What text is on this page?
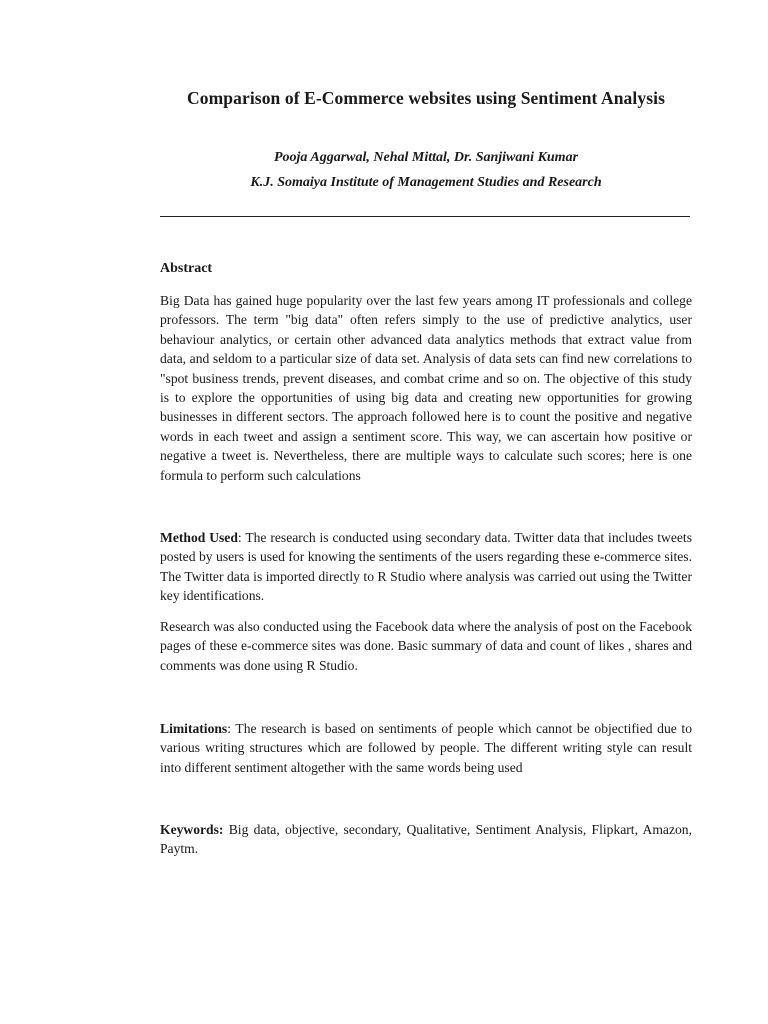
Comparison of E-Commerce websites using Sentiment Analysis
Pooja Aggarwal, Nehal Mittal, Dr. Sanjiwani Kumar
K.J. Somaiya Institute of Management Studies and Research
Abstract
Big Data has gained huge popularity over the last few years among IT professionals and college professors. The term "big data" often refers simply to the use of predictive analytics, user behaviour analytics, or certain other advanced data analytics methods that extract value from data, and seldom to a particular size of data set. Analysis of data sets can find new correlations to "spot business trends, prevent diseases, and combat crime and so on. The objective of this study is to explore the opportunities of using big data and creating new opportunities for growing businesses in different sectors. The approach followed here is to count the positive and negative words in each tweet and assign a sentiment score. This way, we can ascertain how positive or negative a tweet is. Nevertheless, there are multiple ways to calculate such scores; here is one formula to perform such calculations
Method Used: The research is conducted using secondary data. Twitter data that includes tweets posted by users is used for knowing the sentiments of the users regarding these e-commerce sites. The Twitter data is imported directly to R Studio where analysis was carried out using the Twitter key identifications.
Research was also conducted using the Facebook data where the analysis of post on the Facebook pages of these e-commerce sites was done. Basic summary of data and count of likes , shares and comments was done using R Studio.
Limitations: The research is based on sentiments of people which cannot be objectified due to various writing structures which are followed by people. The different writing style can result into different sentiment altogether with the same words being used
Keywords: Big data, objective, secondary, Qualitative, Sentiment Analysis, Flipkart, Amazon, Paytm.
